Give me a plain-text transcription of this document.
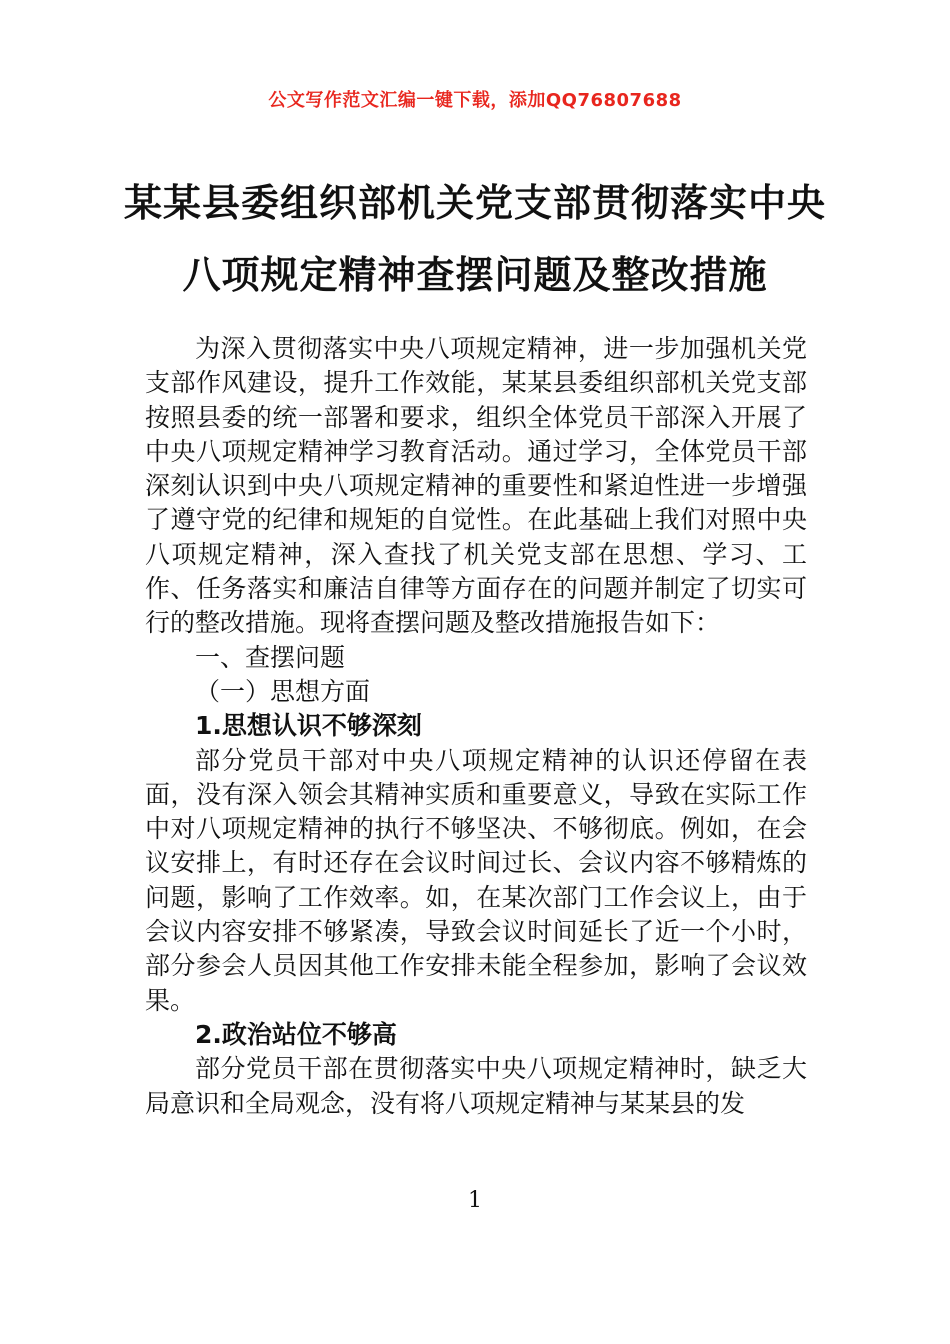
公文写作范文汇编一键下载，添加QQ76807688
某某县委组织部机关党支部贯彻落实中央
八项规定精神查摆问题及整改措施

为深入贯彻落实中央八项规定精神，进一步加强机关党支部作风建设，提升工作效能，某某县委组织部机关党支部按照县委的统一部署和要求，组织全体党员干部深入开展了中央八项规定精神学习教育活动。通过学习，全体党员干部深刻认识到中央八项规定精神的重要性和紧迫性进一步增强了遵守党的纪律和规矩的自觉性。在此基础上我们对照中央八项规定精神，深入查找了机关党支部在思想、学习、工作、任务落实和廉洁自律等方面存在的问题并制定了切实可行的整改措施。现将查摆问题及整改措施报告如下：

一、查摆问题

（一）思想方面

1.思想认识不够深刻

部分党员干部对中央八项规定精神的认识还停留在表面，没有深入领会其精神实质和重要意义，导致在实际工作中对八项规定精神的执行不够坚决、不够彻底。例如，在会议安排上，有时还存在会议时间过长、会议内容不够精炼的问题，影响了工作效率。如，在某次部门工作会议上，由于会议内容安排不够紧凑，导致会议时间延长了近一个小时，部分参会人员因其他工作安排未能全程参加，影响了会议效果。

2.政治站位不够高

部分党员干部在贯彻落实中央八项规定精神时，缺乏大局意识和全局观念，没有将八项规定精神与某某县的发

1
